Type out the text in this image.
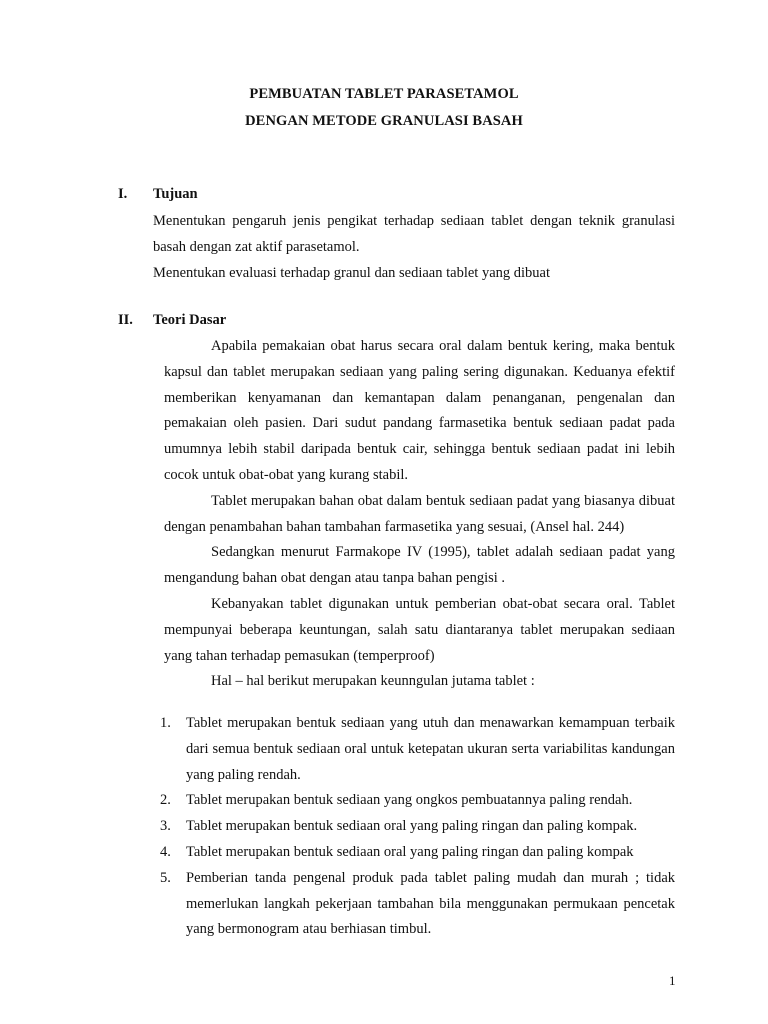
PEMBUATAN TABLET PARASETAMOL
DENGAN METODE GRANULASI BASAH
I. Tujuan

Menentukan pengaruh jenis pengikat terhadap sediaan tablet dengan teknik granulasi basah dengan zat aktif parasetamol.

Menentukan evaluasi terhadap granul dan sediaan tablet yang dibuat

II. Teori Dasar

Apabila pemakaian obat harus secara oral dalam bentuk kering, maka bentuk kapsul dan tablet merupakan sediaan yang paling sering digunakan. Keduanya efektif memberikan kenyamanan dan kemantapan dalam penanganan, pengenalan dan pemakaian oleh pasien. Dari sudut pandang farmasetika bentuk sediaan padat pada umumnya lebih stabil daripada bentuk cair, sehingga bentuk sediaan padat ini lebih cocok untuk obat-obat yang kurang stabil.

Tablet merupakan bahan obat dalam bentuk sediaan padat yang biasanya dibuat dengan penambahan bahan tambahan farmasetika yang sesuai, (Ansel hal. 244)

Sedangkan menurut Farmakope IV (1995), tablet adalah sediaan padat yang mengandung bahan obat dengan atau tanpa bahan pengisi .

Kebanyakan tablet digunakan untuk pemberian obat-obat secara oral. Tablet mempunyai beberapa keuntungan, salah satu diantaranya tablet merupakan sediaan yang tahan terhadap pemasukan (temperproof)

Hal – hal berikut merupakan keunngulan jutama tablet :

1. Tablet merupakan bentuk sediaan yang utuh dan menawarkan kemampuan terbaik dari semua bentuk sediaan oral untuk ketepatan ukuran serta variabilitas kandungan yang paling rendah.
2. Tablet merupakan bentuk sediaan yang ongkos pembuatannya paling rendah.
3. Tablet merupakan bentuk sediaan oral yang paling ringan dan paling kompak.
4. Tablet merupakan bentuk sediaan oral yang paling ringan dan paling kompak
5. Pemberian tanda pengenal produk pada tablet paling mudah dan murah ; tidak memerlukan langkah pekerjaan tambahan bila menggunakan permukaan pencetak yang bermonogram atau berhiasan timbul.
1
